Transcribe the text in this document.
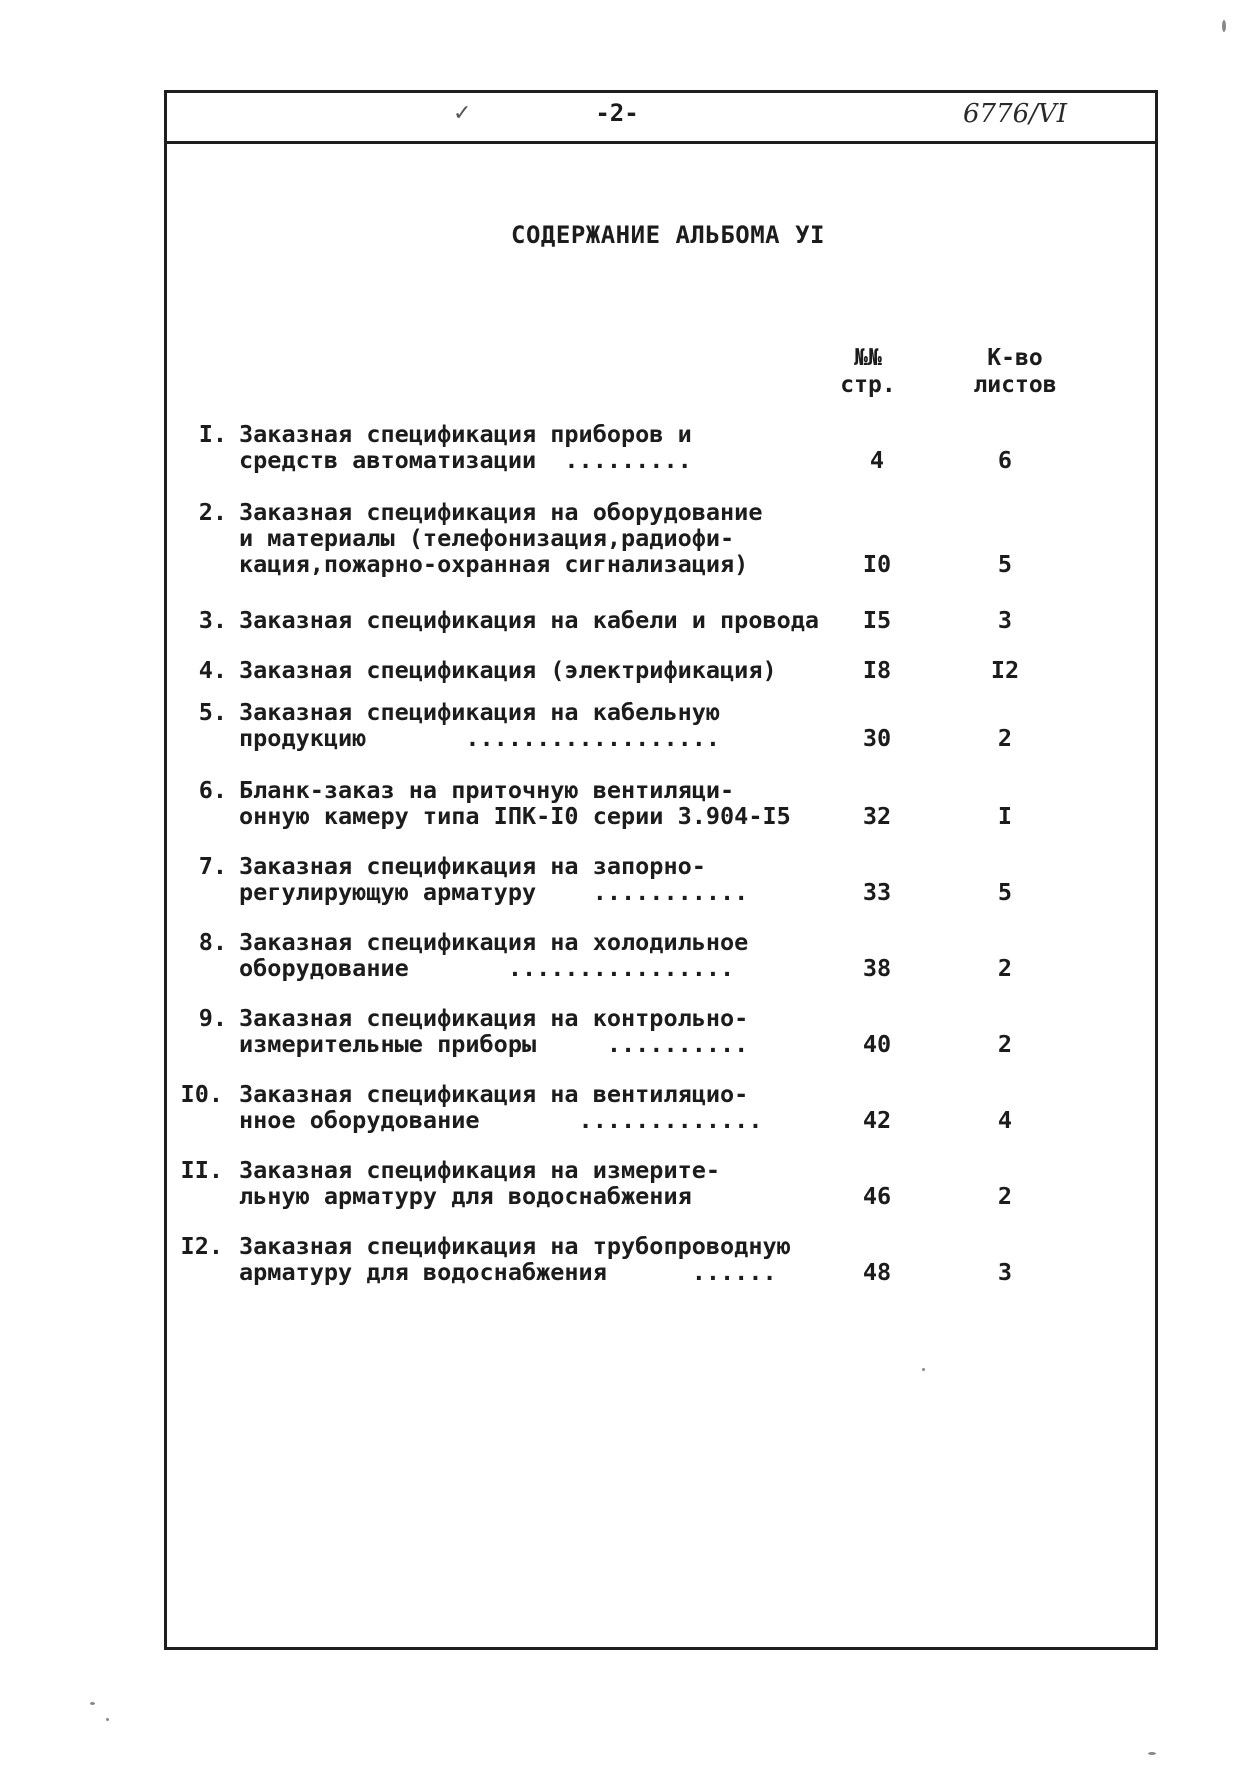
✓	-2-	6776/VI
СОДЕРЖАНИЕ АЛЬБОМА УI
№№
стр.
К-во
листов
I. Заказная спецификация приборов и
средств автоматизации  .........	4	6
2. Заказная спецификация на оборудование
и материалы (телефонизация,радиофи-
кация,пожарно-охранная сигнализация)	I0	5
3. Заказная спецификация на кабели и провода	I5	3
4. Заказная спецификация (электрификация)	I8	I2
5. Заказная спецификация на кабельную
продукцию       ..................	30	2
6. Бланк-заказ на приточную вентиляци-
онную камеру типа IПК-I0 серии 3.904-I5	32	I
7. Заказная спецификация на запорно-
регулирующую арматуру    ...........	33	5
8. Заказная спецификация на холодильное
оборудование       ................	38	2
9. Заказная спецификация на контрольно-
измерительные приборы     ..........	40	2
I0. Заказная спецификация на вентиляцио-
нное оборудование       .............	42	4
II. Заказная спецификация на измерите-
льную арматуру для водоснабжения	46	2
I2. Заказная спецификация на трубопроводную
арматуру для водоснабжения      ......	48	3
